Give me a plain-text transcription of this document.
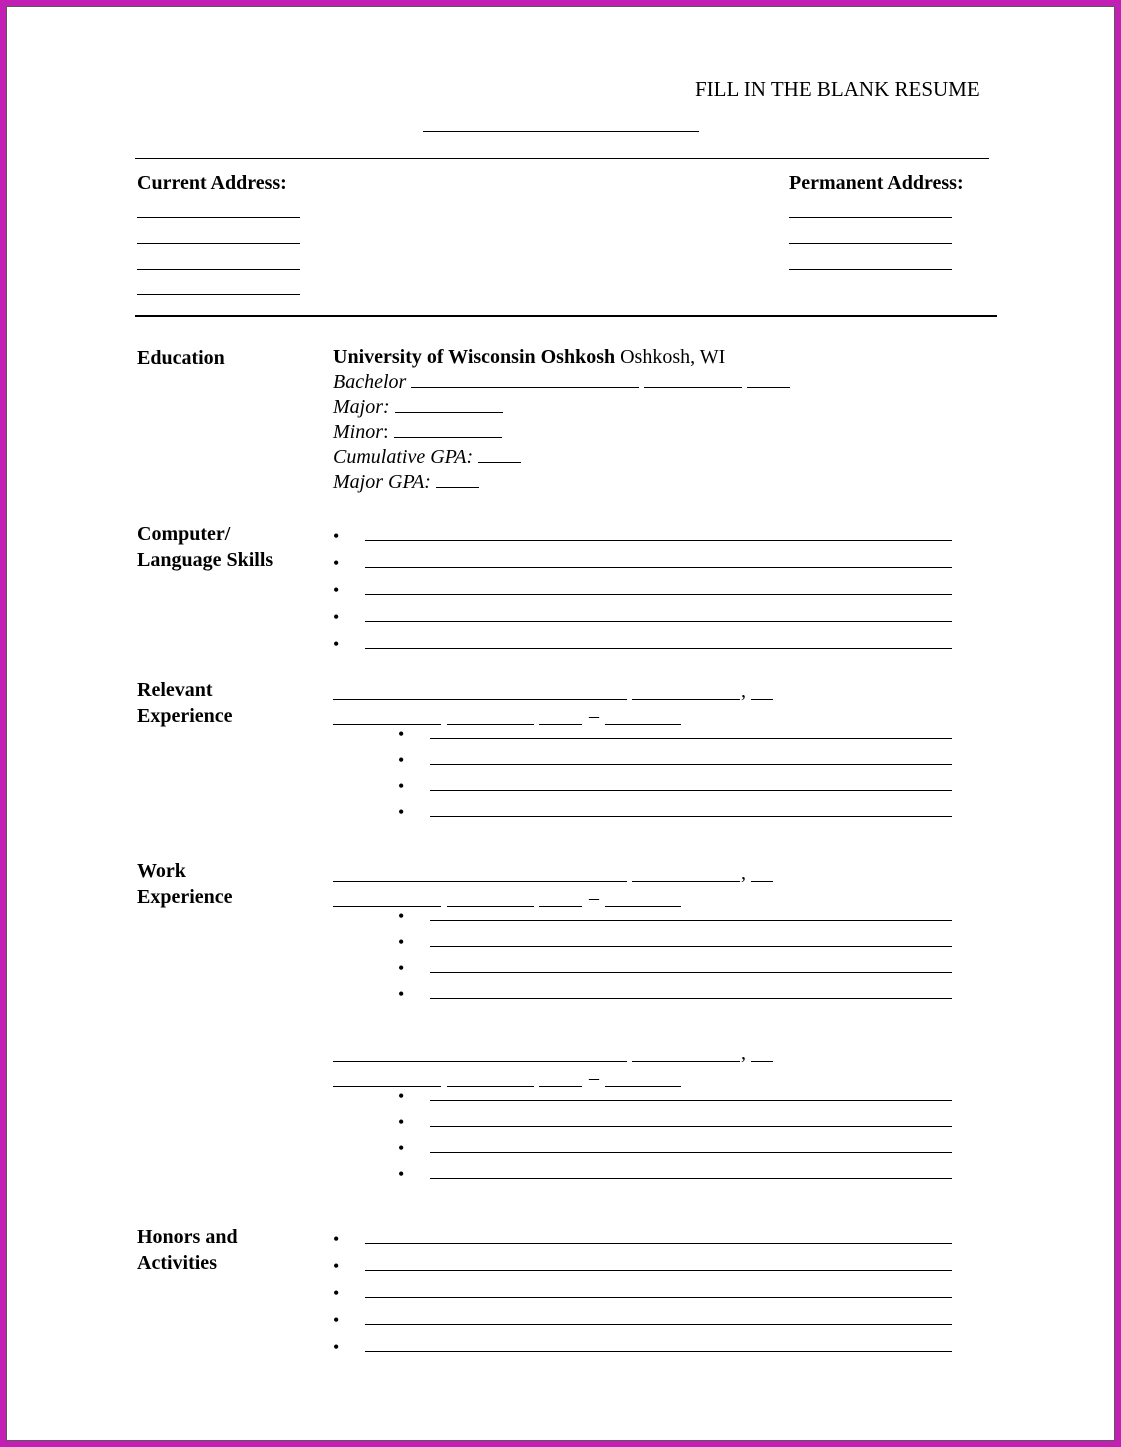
FILL IN THE BLANK RESUME
Current Address:	Permanent Address:
Education	University of Wisconsin Oshkosh Oshkosh, WI
Bachelor
Major:
Minor:
Cumulative GPA:
Major GPA:
Computer/
Language Skills
Relevant
Experience
Work
Experience
Honors and
Activities
•
•
•
•
•
,
–
•
•
•
•
,
–
•
•
•
•
,
–
•
•
•
•
•
•
•
•
•
